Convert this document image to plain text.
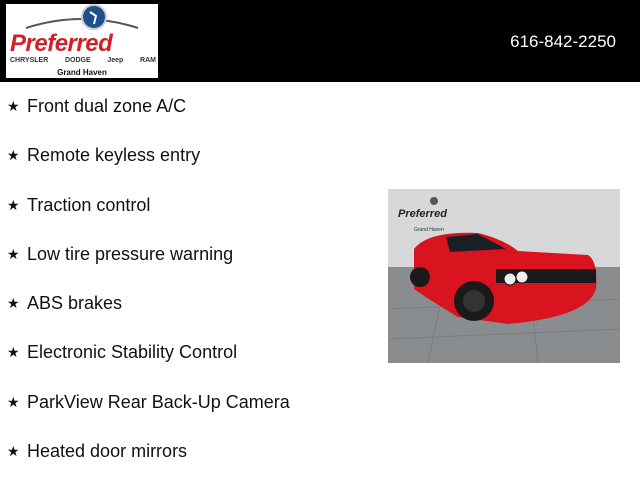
Preferred
CHRYSLER DODGE Jeep RAM
Grand Haven
616-842-2250
★ Front dual zone A/C
★ Remote keyless entry
★ Traction control
★ Low tire pressure warning
★ ABS brakes
★ Electronic Stability Control
★ ParkView Rear Back-Up Camera
★ Heated door mirrors
Preferred
Grand Haven
